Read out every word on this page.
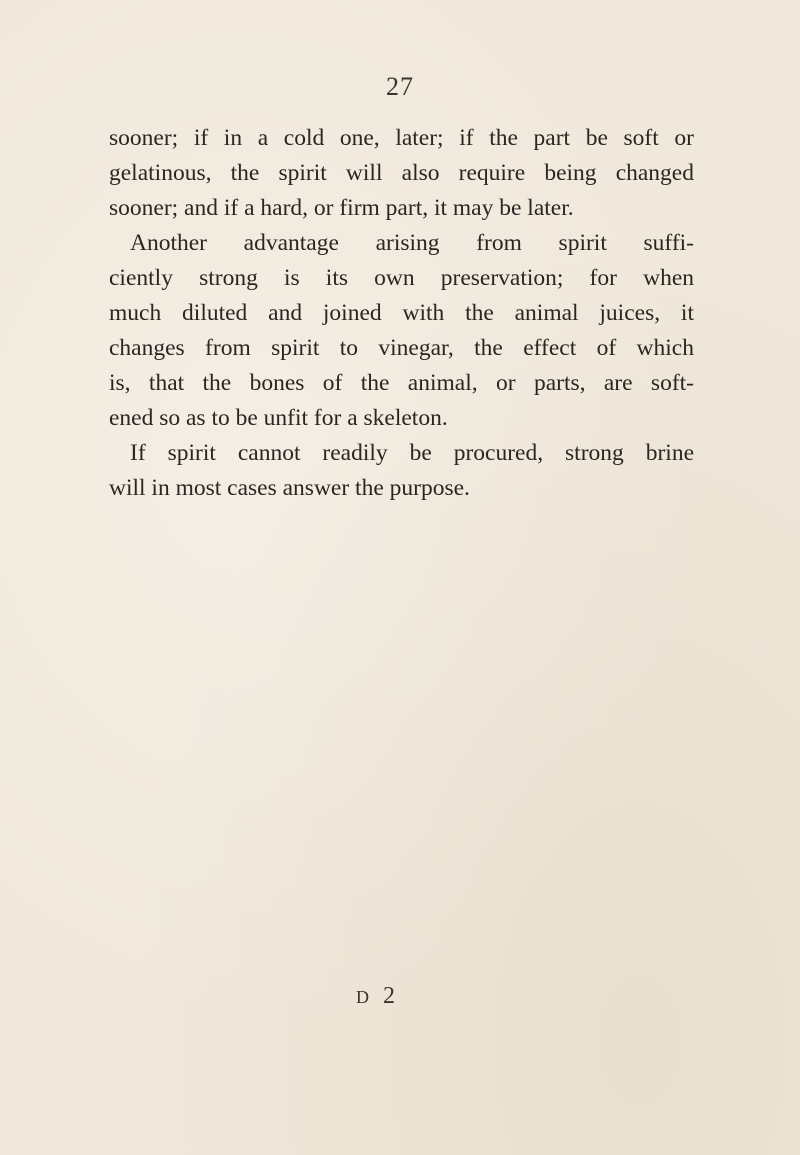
27
sooner; if in a cold one, later; if the part be soft or
gelatinous, the spirit will also require being changed
sooner; and if a hard, or firm part, it may be later.
Another advantage arising from spirit suffi-
ciently strong is its own preservation; for when
much diluted and joined with the animal juices, it
changes from spirit to vinegar, the effect of which
is, that the bones of the animal, or parts, are soft-
ened so as to be unfit for a skeleton.
If spirit cannot readily be procured, strong brine
will in most cases answer the purpose.
D 2
